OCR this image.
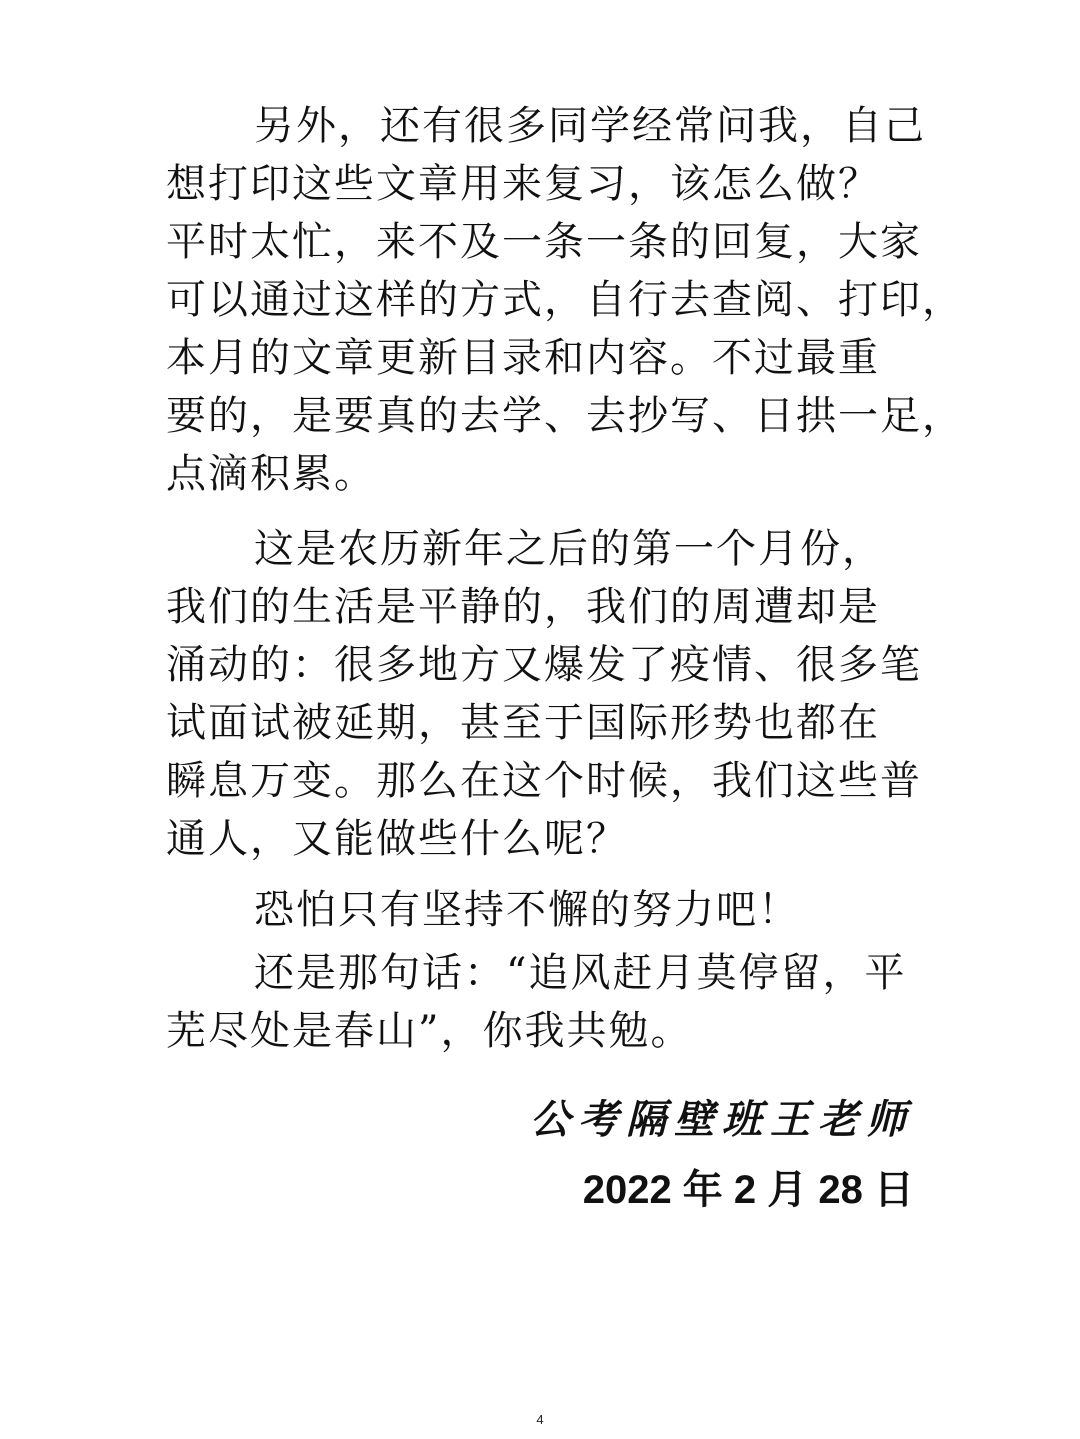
另外，还有很多同学经常问我，自己
想打印这些文章用来复习，该怎么做？
平时太忙，来不及一条一条的回复，大家
可以通过这样的方式，自行去查阅、打印，
本月的文章更新目录和内容。不过最重
要的，是要真的去学、去抄写、日拱一足，
点滴积累。
这是农历新年之后的第一个月份，
我们的生活是平静的，我们的周遭却是
涌动的：很多地方又爆发了疫情、很多笔
试面试被延期，甚至于国际形势也都在
瞬息万变。那么在这个时候，我们这些普
通人，又能做些什么呢？
恐怕只有坚持不懈的努力吧！
还是那句话：“追风赶月莫停留，平
芜尽处是春山”，你我共勉。
公考隔壁班王老师
2022 年 2 月 28 日
4
